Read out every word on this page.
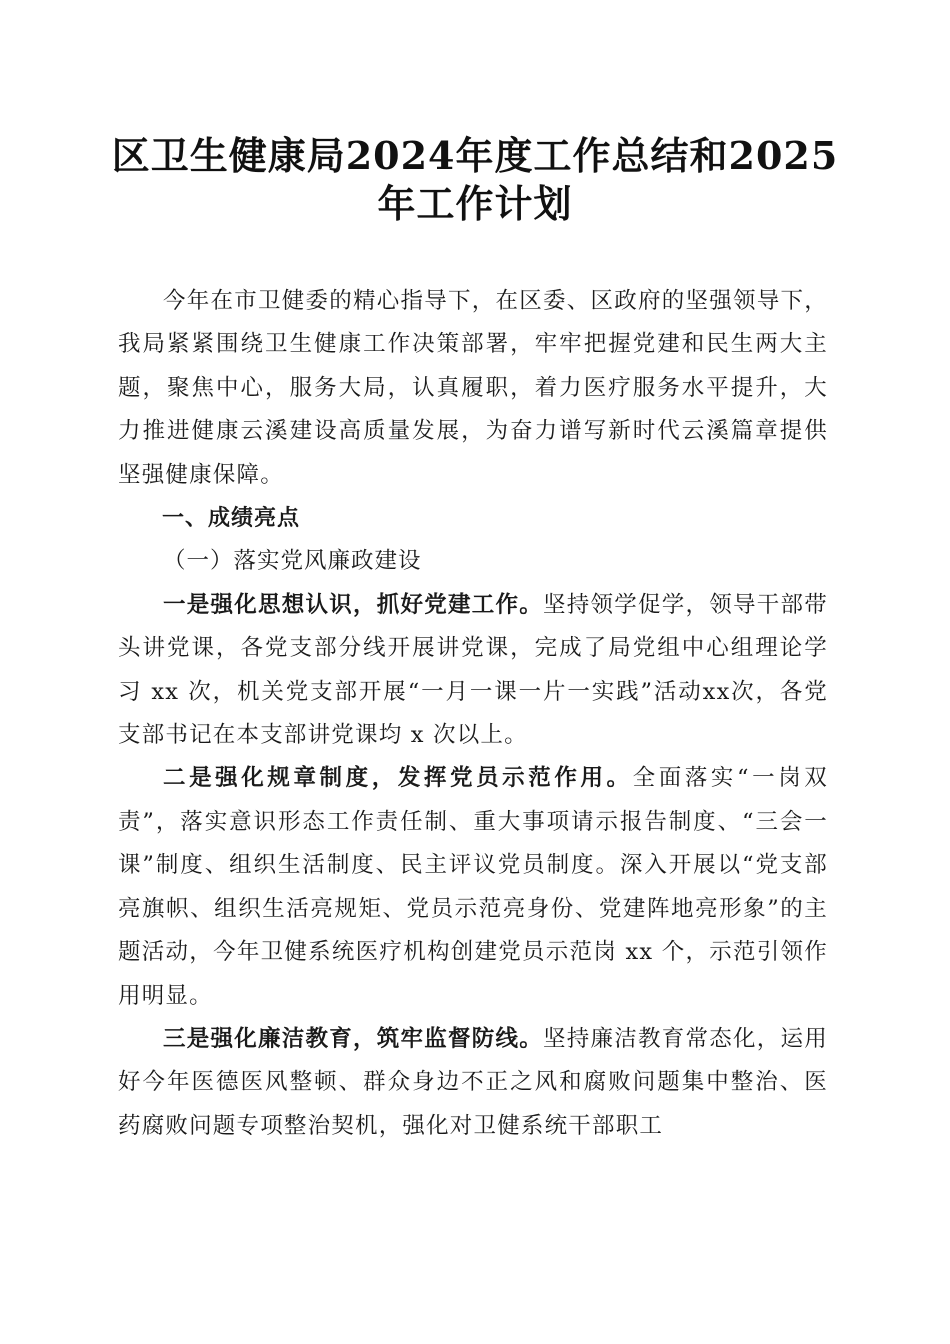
区卫生健康局2024年度工作总结和2025年工作计划

今年在市卫健委的精心指导下，在区委、区政府的坚强领导下，我局紧紧围绕卫生健康工作决策部署，牢牢把握党建和民生两大主题，聚焦中心，服务大局，认真履职，着力医疗服务水平提升，大力推进健康云溪建设高质量发展，为奋力谱写新时代云溪篇章提供坚强健康保障。

一、成绩亮点

（一）落实党风廉政建设

一是强化思想认识，抓好党建工作。坚持领学促学，领导干部带头讲党课，各党支部分线开展讲党课，完成了局党组中心组理论学习 xx 次，机关党支部开展“一月一课一片一实践”活动xx次，各党支部书记在本支部讲党课均 x 次以上。

二是强化规章制度，发挥党员示范作用。全面落实“一岗双责”，落实意识形态工作责任制、重大事项请示报告制度、“三会一课”制度、组织生活制度、民主评议党员制度。深入开展以“党支部亮旗帜、组织生活亮规矩、党员示范亮身份、党建阵地亮形象”的主题活动，今年卫健系统医疗机构创建党员示范岗 xx 个，示范引领作用明显。

三是强化廉洁教育，筑牢监督防线。坚持廉洁教育常态化，运用好今年医德医风整顿、群众身边不正之风和腐败问题集中整治、医药腐败问题专项整治契机，强化对卫健系统干部职工
